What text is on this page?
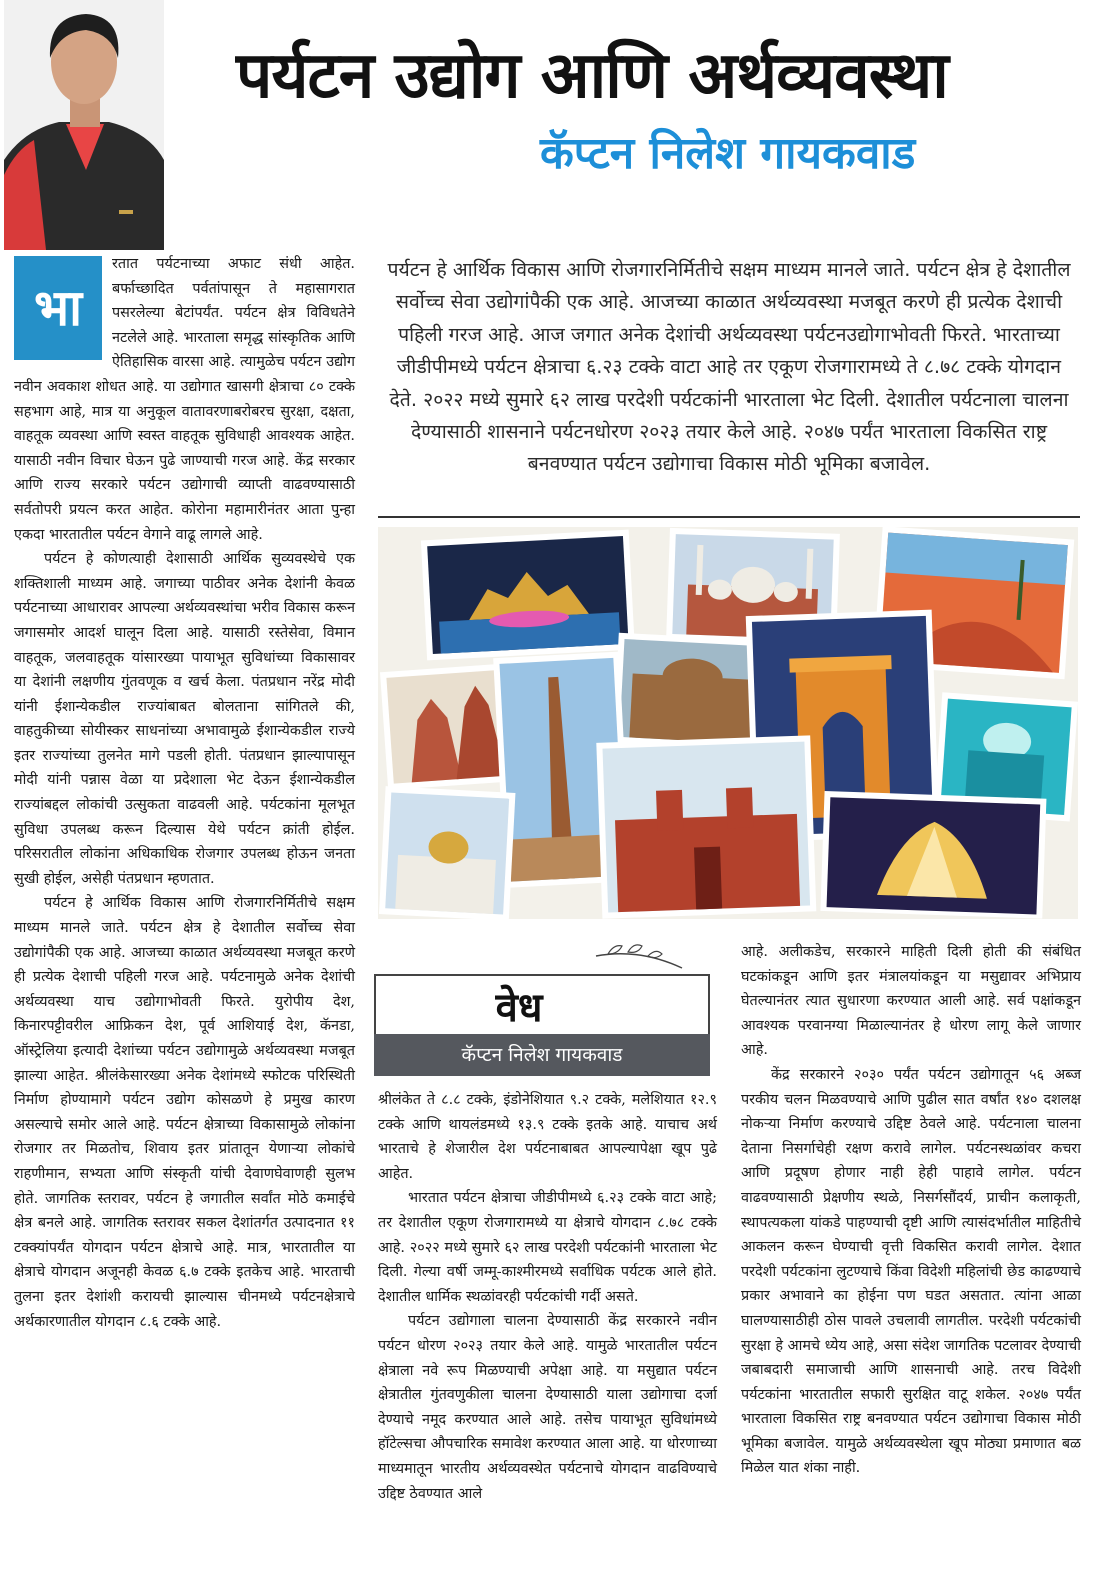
पर्यटन उद्योग आणि अर्थव्यवस्था
कॅप्टन निलेश गायकवाड
भा

रतात पर्यटनाच्या अफाट संधी आहेत. बर्फाच्छादित पर्वतांपासून ते महासागरात पसरलेल्या बेटांपर्यंत. पर्यटन क्षेत्र विविधतेने नटलेले आहे. भारताला समृद्ध सांस्कृतिक आणि ऐतिहासिक वारसा आहे. त्यामुळेच पर्यटन उद्योग नवीन अवकाश शोधत आहे. या उद्योगात खासगी क्षेत्राचा ८० टक्के सहभाग आहे, मात्र या अनुकूल वातावरणाबरोबरच सुरक्षा, दक्षता, वाहतूक व्यवस्था आणि स्वस्त वाहतूक सुविधाही आवश्यक आहेत. यासाठी नवीन विचार घेऊन पुढे जाण्याची गरज आहे. केंद्र सरकार आणि राज्य सरकारे पर्यटन उद्योगाची व्याप्ती वाढवण्यासाठी सर्वतोपरी प्रयत्न करत आहेत. कोरोना महामारीनंतर आता पुन्हा एकदा भारतातील पर्यटन वेगाने वाढू लागले आहे.

पर्यटन हे कोणत्याही देशासाठी आर्थिक सुव्यवस्थेचे एक शक्तिशाली माध्यम आहे. जगाच्या पाठीवर अनेक देशांनी केवळ पर्यटनाच्या आधारावर आपल्या अर्थव्यवस्थांचा भरीव विकास करून जगासमोर आदर्श घालून दिला आहे. यासाठी रस्तेसेवा, विमान वाहतूक, जलवाहतूक यांसारख्या पायाभूत सुविधांच्या विकासावर या देशांनी लक्षणीय गुंतवणूक व खर्च केला. पंतप्रधान नरेंद्र मोदी यांनी ईशान्येकडील राज्यांबाबत बोलताना सांगितले की, वाहतुकीच्या सोयीस्कर साधनांच्या अभावामुळे ईशान्येकडील राज्ये इतर राज्यांच्या तुलनेत मागे पडली होती. पंतप्रधान झाल्यापासून मोदी यांनी पन्नास वेळा या प्रदेशाला भेट देऊन ईशान्येकडील राज्यांबद्दल लोकांची उत्सुकता वाढवली आहे. पर्यटकांना मूलभूत सुविधा उपलब्ध करून दिल्यास येथे पर्यटन क्रांती होईल. परिसरातील लोकांना अधिकाधिक रोजगार उपलब्ध होऊन जनता सुखी होईल, असेही पंतप्रधान म्हणतात.

पर्यटन हे आर्थिक विकास आणि रोजगारनिर्मितीचे सक्षम माध्यम मानले जाते. पर्यटन क्षेत्र हे देशातील सर्वोच्च सेवा उद्योगांपैकी एक आहे. आजच्या काळात अर्थव्यवस्था मजबूत करणे ही प्रत्येक देशाची पहिली गरज आहे. पर्यटनामुळे अनेक देशांची अर्थव्यवस्था याच उद्योगाभोवती फिरते. युरोपीय देश, किनारपट्टीवरील आफ्रिकन देश, पूर्व आशियाई देश, कॅनडा, ऑस्ट्रेलिया इत्यादी देशांच्या पर्यटन उद्योगामुळे अर्थव्यवस्था मजबूत झाल्या आहेत. श्रीलंकेसारख्या अनेक देशांमध्ये स्फोटक परिस्थिती निर्माण होण्यामागे पर्यटन उद्योग कोसळणे हे प्रमुख कारण असल्याचे समोर आले आहे. पर्यटन क्षेत्राच्या विकासामुळे लोकांना रोजगार तर मिळतोच, शिवाय इतर प्रांतातून येणाऱ्या लोकांचे राहणीमान, सभ्यता आणि संस्कृती यांची देवाणघेवाणही सुलभ होते. जागतिक स्तरावर, पर्यटन हे जगातील सर्वांत मोठे कमाईचे क्षेत्र बनले आहे. जागतिक स्तरावर सकल देशांतर्गत उत्पादनात ११ टक्क्यांपर्यंत योगदान पर्यटन क्षेत्राचे आहे. मात्र, भारतातील या क्षेत्राचे योगदान अजूनही केवळ ६.७ टक्के इतकेच आहे. भारताची तुलना इतर देशांशी करायची झाल्यास चीनमध्ये पर्यटनक्षेत्राचे अर्थकारणातील योगदान ८.६ टक्के आहे.

पर्यटन हे आर्थिक विकास आणि रोजगारनिर्मितीचे सक्षम माध्यम मानले जाते. पर्यटन क्षेत्र हे देशातील सर्वोच्च सेवा उद्योगांपैकी एक आहे. आजच्या काळात अर्थव्यवस्था मजबूत करणे ही प्रत्येक देशाची पहिली गरज आहे. आज जगात अनेक देशांची अर्थव्यवस्था पर्यटनउद्योगाभोवती फिरते. भारताच्या जीडीपीमध्ये पर्यटन क्षेत्राचा ६.२३ टक्के वाटा आहे तर एकूण रोजगारामध्ये ते ८.७८ टक्के योगदान देते. २०२२ मध्ये सुमारे ६२ लाख परदेशी पर्यटकांनी भारताला भेट दिली. देशातील पर्यटनाला चालना देण्यासाठी शासनाने पर्यटनधोरण २०२३ तयार केले आहे. २०४७ पर्यंत भारताला विकसित राष्ट्र बनवण्यात पर्यटन उद्योगाचा विकास मोठी भूमिका बजावेल.
वेध
कॅप्टन निलेश गायकवाड

श्रीलंकेत ते ८.८ टक्के, इंडोनेशियात ९.२ टक्के, मलेशियात १२.९ टक्के आणि थायलंडमध्ये १३.९ टक्के इतके आहे. याचाच अर्थ भारताचे हे शेजारील देश पर्यटनाबाबत आपल्यापेक्षा खूप पुढे आहेत.

भारतात पर्यटन क्षेत्राचा जीडीपीमध्ये ६.२३ टक्के वाटा आहे; तर देशातील एकूण रोजगारामध्ये या क्षेत्राचे योगदान ८.७८ टक्के आहे. २०२२ मध्ये सुमारे ६२ लाख परदेशी पर्यटकांनी भारताला भेट दिली. गेल्या वर्षी जम्मू-काश्मीरमध्ये सर्वाधिक पर्यटक आले होते. देशातील धार्मिक स्थळांवरही पर्यटकांची गर्दी असते.

पर्यटन उद्योगाला चालना देण्यासाठी केंद्र सरकारने नवीन पर्यटन धोरण २०२३ तयार केले आहे. यामुळे भारतातील पर्यटन क्षेत्राला नवे रूप मिळण्याची अपेक्षा आहे. या मसुद्यात पर्यटन क्षेत्रातील गुंतवणुकीला चालना देण्यासाठी याला उद्योगाचा दर्जा देण्याचे नमूद करण्यात आले आहे. तसेच पायाभूत सुविधांमध्ये हॉटेल्सचा औपचारिक समावेश करण्यात आला आहे. या धोरणाच्या माध्यमातून भारतीय अर्थव्यवस्थेत पर्यटनाचे योगदान वाढविण्याचे उद्दिष्ट ठेवण्यात आले

आहे. अलीकडेच, सरकारने माहिती दिली होती की संबंधित घटकांकडून आणि इतर मंत्रालयांकडून या मसुद्यावर अभिप्राय घेतल्यानंतर त्यात सुधारणा करण्यात आली आहे. सर्व पक्षांकडून आवश्यक परवानग्या मिळाल्यानंतर हे धोरण लागू केले जाणार आहे.

केंद्र सरकारने २०३० पर्यंत पर्यटन उद्योगातून ५६ अब्ज परकीय चलन मिळवण्याचे आणि पुढील सात वर्षांत १४० दशलक्ष नोकऱ्या निर्माण करण्याचे उद्दिष्ट ठेवले आहे. पर्यटनाला चालना देताना निसर्गाचेही रक्षण करावे लागेल. पर्यटनस्थळांवर कचरा आणि प्रदूषण होणार नाही हेही पाहावे लागेल. पर्यटन वाढवण्यासाठी प्रेक्षणीय स्थळे, निसर्गसौंदर्य, प्राचीन कलाकृती, स्थापत्यकला यांकडे पाहण्याची दृष्टी आणि त्यासंदर्भातील माहितीचे आकलन करून घेण्याची वृत्ती विकसित करावी लागेल. देशात परदेशी पर्यटकांना लुटण्याचे किंवा विदेशी महिलांची छेड काढण्याचे प्रकार अभावाने का होईना पण घडत असतात. त्यांना आळा घालण्यासाठीही ठोस पावले उचलावी लागतील. परदेशी पर्यटकांची सुरक्षा हे आमचे ध्येय आहे, असा संदेश जागतिक पटलावर देण्याची जबाबदारी समाजाची आणि शासनाची आहे. तरच विदेशी पर्यटकांना भारतातील सफारी सुरक्षित वाटू शकेल. २०४७ पर्यंत भारताला विकसित राष्ट्र बनवण्यात पर्यटन उद्योगाचा विकास मोठी भूमिका बजावेल. यामुळे अर्थव्यवस्थेला खूप मोठ्या प्रमाणात बळ मिळेल यात शंका नाही.
